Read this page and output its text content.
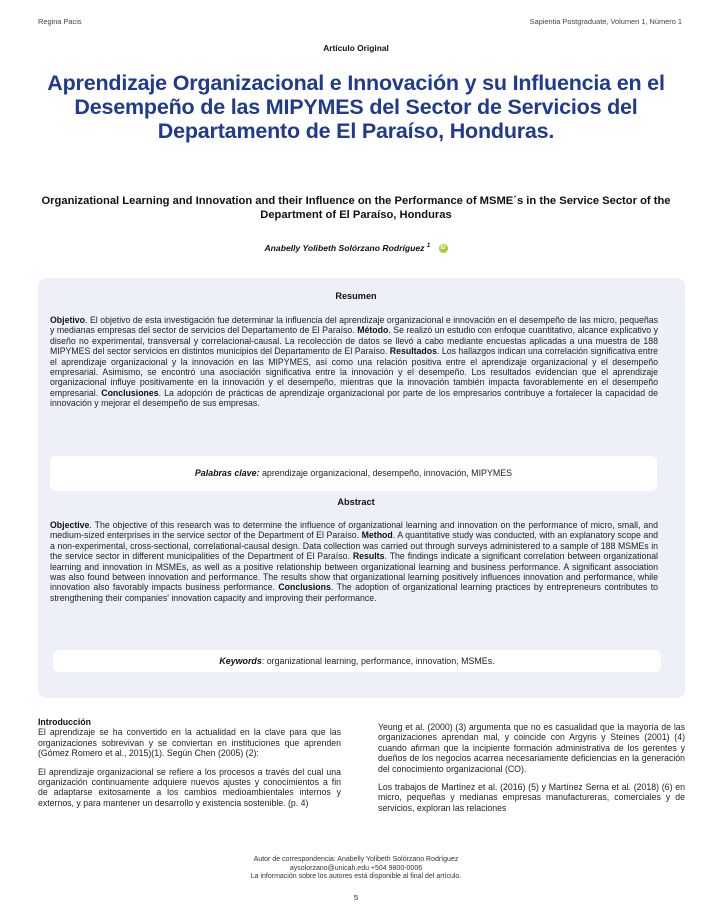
Regina Pacis	Sapientia Postgraduate, Volumen 1, Número 1
Artículo Original
Aprendizaje Organizacional e Innovación y su Influencia en el Desempeño de las MIPYMES del Sector de Servicios del Departamento de El Paraíso, Honduras.
Organizational Learning and Innovation and their Influence on the Performance of MSME´s in the Service Sector of the Department of El Paraíso, Honduras
Anabelly Yolibeth Solórzano Rodríguez $^1$ iD
Resumen

Objetivo. El objetivo de esta investigación fue determinar la influencia del aprendizaje organizacional e innovación en el desempeño de las micro, pequeñas y medianas empresas del sector de servicios del Departamento de El Paraíso. Método. Se realizó un estudio con enfoque cuantitativo, alcance explicativo y diseño no experimental, transversal y correlacional-causal. La recolección de datos se llevó a cabo mediante encuestas aplicadas a una muestra de 188 MIPYMES del sector servicios en distintos municipios del Departamento de El Paraíso. Resultados. Los hallazgos indican una correlación significativa entre el aprendizaje organizacional y la innovación en las MIPYMES, así como una relación positiva entre el aprendizaje organizacional y el desempeño empresarial. Asimismo, se encontró una asociación significativa entre la innovación y el desempeño. Los resultados evidencian que el aprendizaje organizacional influye positivamente en la innovación y el desempeño, mientras que la innovación también impacta favorablemente en el desempeño empresarial. Conclusiones. La adopción de prácticas de aprendizaje organizacional por parte de los empresarios contribuye a fortalecer la capacidad de innovación y mejorar el desempeño de sus empresas.

Palabras clave: aprendizaje organizacional, desempeño, innovación, MIPYMES
Abstract

Objective. The objective of this research was to determine the influence of organizational learning and innovation on the performance of micro, small, and medium-sized enterprises in the service sector of the Department of El Paraíso. Method. A quantitative study was conducted, with an explanatory scope and a non-experimental, cross-sectional, correlational-causal design. Data collection was carried out through surveys administered to a sample of 188 MSMEs in the service sector in different municipalities of the Department of El Paraíso. Results. The findings indicate a significant correlation between organizational learning and innovation in MSMEs, as well as a positive relationship between organizational learning and business performance. A significant association was also found between innovation and performance. The results show that organizational learning positively influences innovation and performance, while innovation also favorably impacts business performance. Conclusions. The adoption of organizational learning practices by entrepreneurs contributes to strengthening their companies' innovation capacity and improving their performance.

Keywords: organizational learning, performance, innovation, MSMEs.

Introducción

El aprendizaje se ha convertido en la actualidad en la clave para que las organizaciones sobrevivan y se conviertan en instituciones que aprenden (Gómez Romero et al., 2015)(1). Según Chen (2005) (2):

El aprendizaje organizacional se refiere a los procesos a través del cual una organización continuamente adquiere nuevos ajustes y conocimientos a fin de adaptarse exitosamente a los cambios medioambientales internos y externos, y para mantener un desarrollo y existencia sostenible. (p. 4)

Yeung et al. (2000) (3) argumenta que no es casualidad que la mayoría de las organizaciones aprendan mal, y coincide con Argyris y Steines (2001) (4) cuando afirman que la incipiente formación administrativa de los gerentes y dueños de los negocios acarrea necesariamente deficiencias en la generación del conocimiento organizacional (CO).

Los trabajos de Martínez et al. (2016) (5) y Martínez Serna et al. (2018) (6) en micro, pequeñas y medianas empresas manufactureras, comerciales y de servicios, exploran las relaciones

Autor de correspondencia: Anabelly Yolibeth Solórzano Rodríguez
aysolorzano@unicah.edu +504 9800-0006
La información sobre los autores está disponible al final del artículo.
5
